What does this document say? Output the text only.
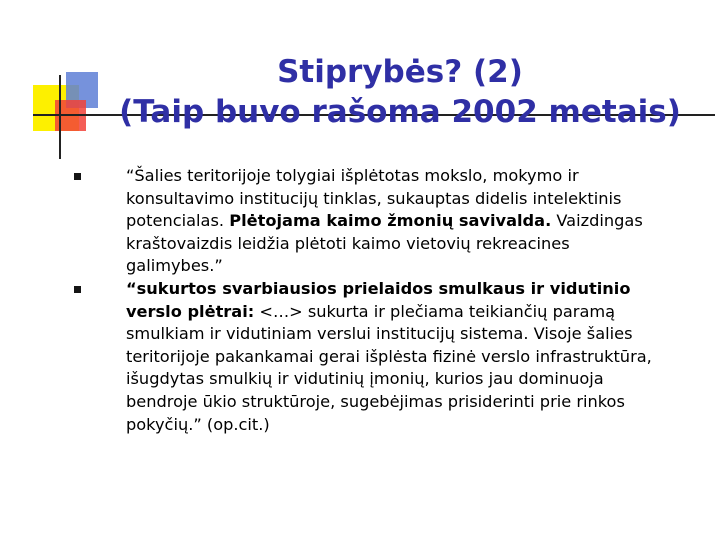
Stiprybės? (2)
(Taip buvo rašoma 2002 metais)
“Šalies teritorijoje tolygiai išplėtotas mokslo, mokymo ir
konsultavimo institucijų tinklas, sukauptas didelis intelektinis
potencialas. Plėtojama kaimo žmonių savivalda. Vaizdingas
kraštovaizdis leidžia plėtoti kaimo vietovių rekreacines
galimybes.”
“sukurtos svarbiausios prielaidos smulkaus ir vidutinio
verslo plėtrai: <…> sukurta ir plečiama teikiančių paramą
smulkiam ir vidutiniam verslui institucijų sistema. Visoje šalies
teritorijoje pakankamai gerai išplėsta fizinė verslo infrastruktūra,
išugdytas smulkių ir vidutinių įmonių, kurios jau dominuoja
bendroje ūkio struktūroje, sugebėjimas prisiderinti prie rinkos
pokyčių.” (op.cit.)
